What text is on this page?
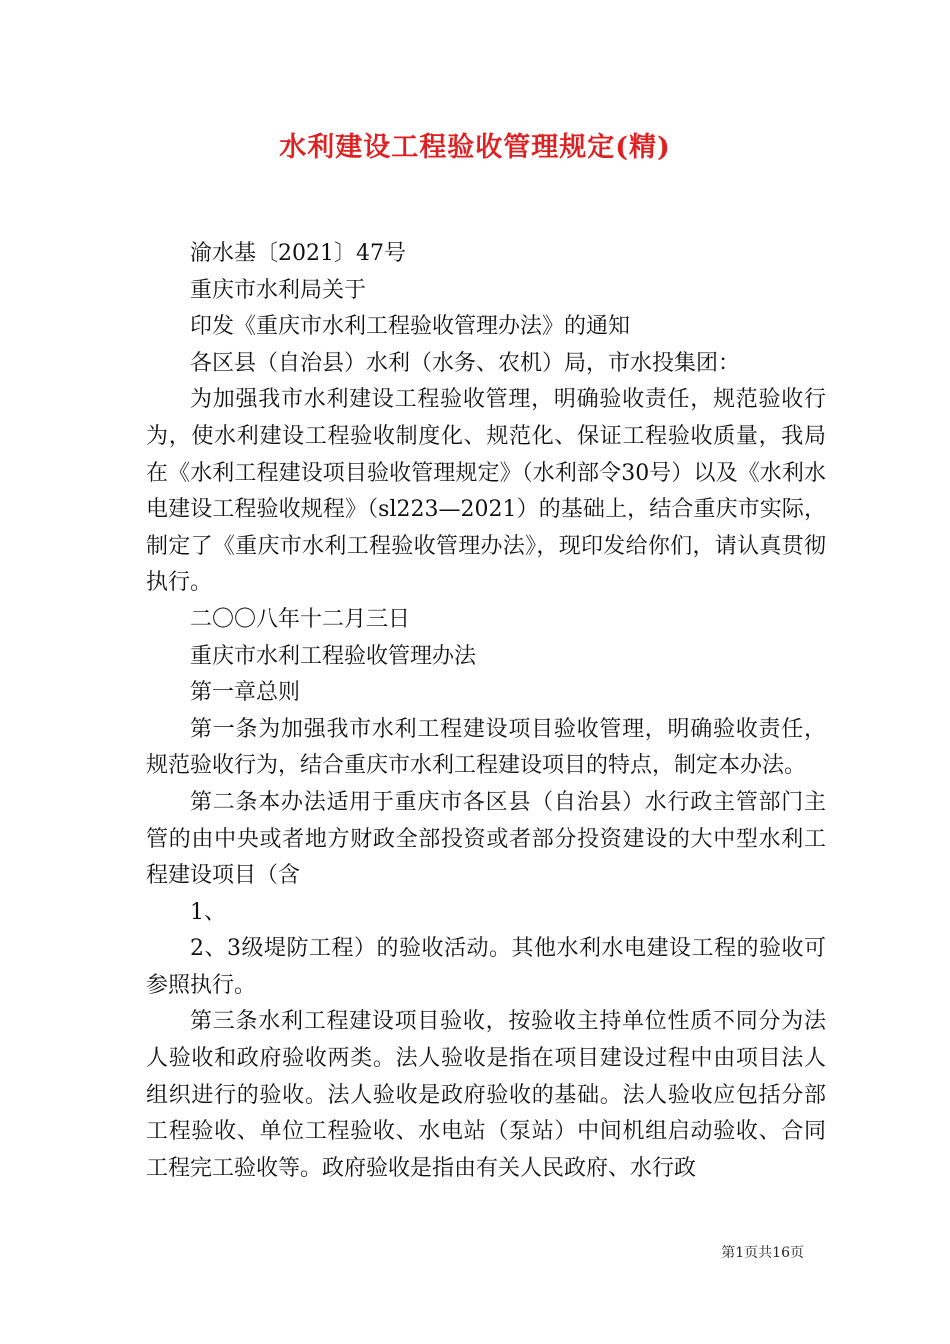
水利建设工程验收管理规定(精)

渝水基〔2021〕47号

重庆市水利局关于

印发《重庆市水利工程验收管理办法》的通知

各区县（自治县）水利（水务、农机）局，市水投集团：

为加强我市水利建设工程验收管理，明确验收责任，规范验收行为，使水利建设工程验收制度化、规范化、保证工程验收质量，我局在《水利工程建设项目验收管理规定》（水利部令30号）以及《水利水电建设工程验收规程》（sl223—2021）的基础上，结合重庆市实际，制定了《重庆市水利工程验收管理办法》，现印发给你们，请认真贯彻执行。

二〇〇八年十二月三日

重庆市水利工程验收管理办法

第一章总则

第一条为加强我市水利工程建设项目验收管理，明确验收责任，规范验收行为，结合重庆市水利工程建设项目的特点，制定本办法。

第二条本办法适用于重庆市各区县（自治县）水行政主管部门主管的由中央或者地方财政全部投资或者部分投资建设的大中型水利工程建设项目（含

1、

2、3级堤防工程）的验收活动。其他水利水电建设工程的验收可参照执行。

第三条水利工程建设项目验收，按验收主持单位性质不同分为法人验收和政府验收两类。法人验收是指在项目建设过程中由项目法人组织进行的验收。法人验收是政府验收的基础。法人验收应包括分部工程验收、单位工程验收、水电站（泵站）中间机组启动验收、合同工程完工验收等。政府验收是指由有关人民政府、水行政

第1页共16页
